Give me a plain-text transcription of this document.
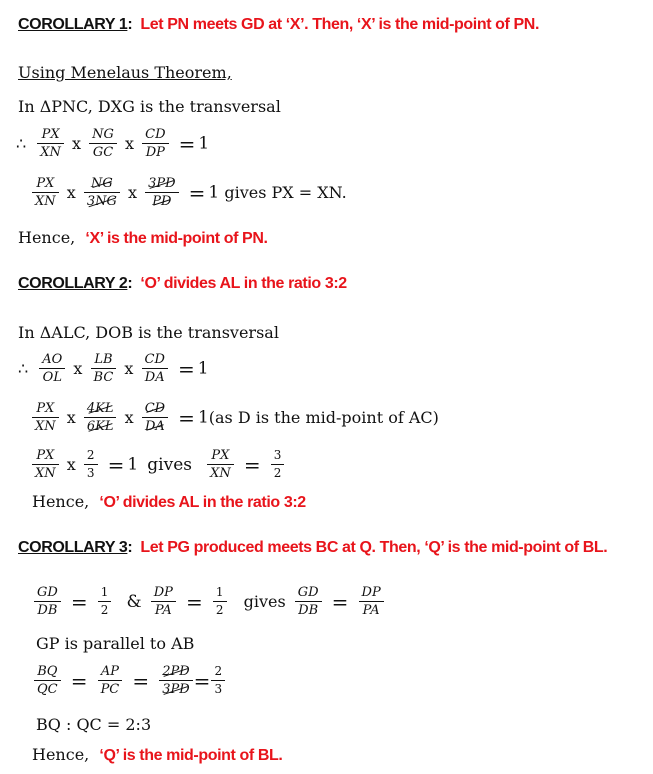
COROLLARY 1: Let PN meets GD at ‘X’. Then, ‘X’ is the mid-point of PN.
Using Menelaus Theorem,
In ΔPNC, DXG is the transversal
∴ $\frac{PX}{XN}$ x $\frac{NG}{GC}$ x $\frac{CD}{DP} = 1$
$\frac{PX}{XN}$ x $\frac{NG}{3NG}$ x $\frac{3PD}{PD} = 1$ gives PX = XN.
Hence, ‘X’ is the mid-point of PN.
COROLLARY 2: ‘O’ divides AL in the ratio 3:2
In ΔALC, DOB is the transversal
∴ $\frac{AO}{OL}$ x $\frac{LB}{BC}$ x $\frac{CD}{DA} = 1$
$\frac{PX}{XN}$ x $\frac{4KL}{6KL}$ x $\frac{CD}{DA} = 1(as$ D is the mid-point of AC)
$\frac{PX}{XN}$ x $\frac{2}{3} = 1$ gives $\frac{PX}{XN} = \frac{3}{2}$
Hence, ‘O’ divides AL in the ratio 3:2
COROLLARY 3: Let PG produced meets BC at Q. Then, ‘Q’ is the mid-point of BL.
$\frac{GD}{DB} = \frac{1}{2}$ & $\frac{DP}{PA} = \frac{1}{2}$ gives $\frac{GD}{DB} = \frac{DP}{PA}$
GP is parallel to AB
$\frac{BQ}{QC} = \frac{AP}{PC} = \frac{2PD}{3PD} = \frac{2}{3}$
BQ : QC = 2:3
Hence, ‘Q’ is the mid-point of BL.
